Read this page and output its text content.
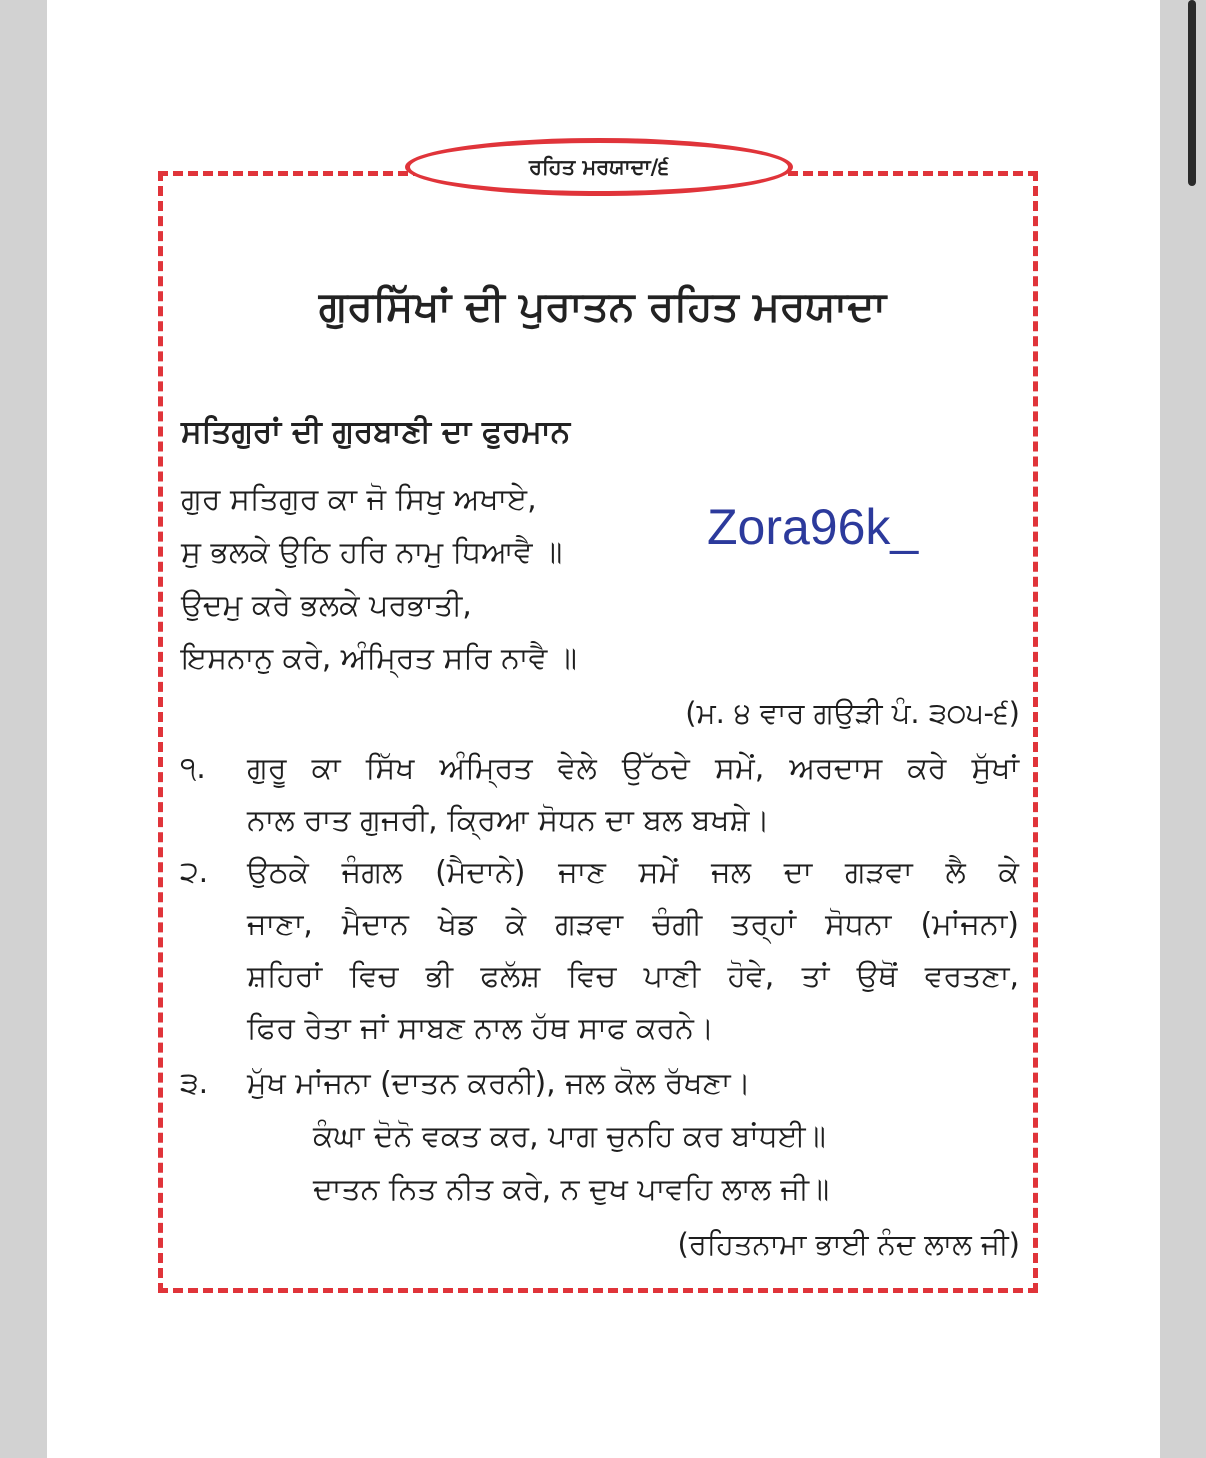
ਰਹਿਤ ਮਰਯਾਦਾ/੬
ਗੁਰਸਿੱਖਾਂ ਦੀ ਪੁਰਾਤਨ ਰਹਿਤ ਮਰਯਾਦਾ
ਸਤਿਗੁਰਾਂ ਦੀ ਗੁਰਬਾਣੀ ਦਾ ਫੁਰਮਾਨ
ਗੁਰ ਸਤਿਗੁਰ ਕਾ ਜੋ ਸਿਖੁ ਅਖਾਏ,
ਸੁ ਭਲਕੇ ਉਠਿ ਹਰਿ ਨਾਮੁ ਧਿਆਵੈ ॥
ਉਦਮੁ ਕਰੇ ਭਲਕੇ ਪਰਭਾਤੀ,
ਇਸਨਾਨੁ ਕਰੇ, ਅੰਮ੍ਰਿਤ ਸਰਿ ਨਾਵੈ ॥
Zora96k_
(ਮ. ੪ ਵਾਰ ਗਉੜੀ ਪੰ. ੩੦੫-੬)
੧. ਗੁਰੂ ਕਾ ਸਿੱਖ ਅੰਮ੍ਰਿਤ ਵੇਲੇ ਉੱਠਦੇ ਸਮੇਂ, ਅਰਦਾਸ ਕਰੇ ਸੁੱਖਾਂ
ਨਾਲ ਰਾਤ ਗੁਜਰੀ, ਕ੍ਰਿਆ ਸੋਧਨ ਦਾ ਬਲ ਬਖਸ਼ੇ।
੨. ਉਠਕੇ ਜੰਗਲ (ਮੈਦਾਨੇ) ਜਾਣ ਸਮੇਂ ਜਲ ਦਾ ਗੜਵਾ ਲੈ ਕੇ
ਜਾਣਾ, ਮੈਦਾਨ ਖੇਡ ਕੇ ਗੜਵਾ ਚੰਗੀ ਤਰ੍ਹਾਂ ਸੋਧਨਾ (ਮਾਂਜਨਾ)
ਸ਼ਹਿਰਾਂ ਵਿਚ ਭੀ ਫਲੱਸ਼ ਵਿਚ ਪਾਣੀ ਹੋਵੇ, ਤਾਂ ਉਥੋਂ ਵਰਤਣਾ,
ਫਿਰ ਰੇਤਾ ਜਾਂ ਸਾਬਣ ਨਾਲ ਹੱਥ ਸਾਫ ਕਰਨੇ।
੩. ਮੁੱਖ ਮਾਂਜਨਾ (ਦਾਤਨ ਕਰਨੀ), ਜਲ ਕੋਲ ਰੱਖਣਾ।
ਕੰਘਾ ਦੋਨੋ ਵਕਤ ਕਰ, ਪਾਗ ਚੁਨਹਿ ਕਰ ਬਾਂਧਈ॥
ਦਾਤਨ ਨਿਤ ਨੀਤ ਕਰੇ, ਨ ਦੁਖ ਪਾਵਹਿ ਲਾਲ ਜੀ॥
(ਰਹਿਤਨਾਮਾ ਭਾਈ ਨੰਦ ਲਾਲ ਜੀ)
